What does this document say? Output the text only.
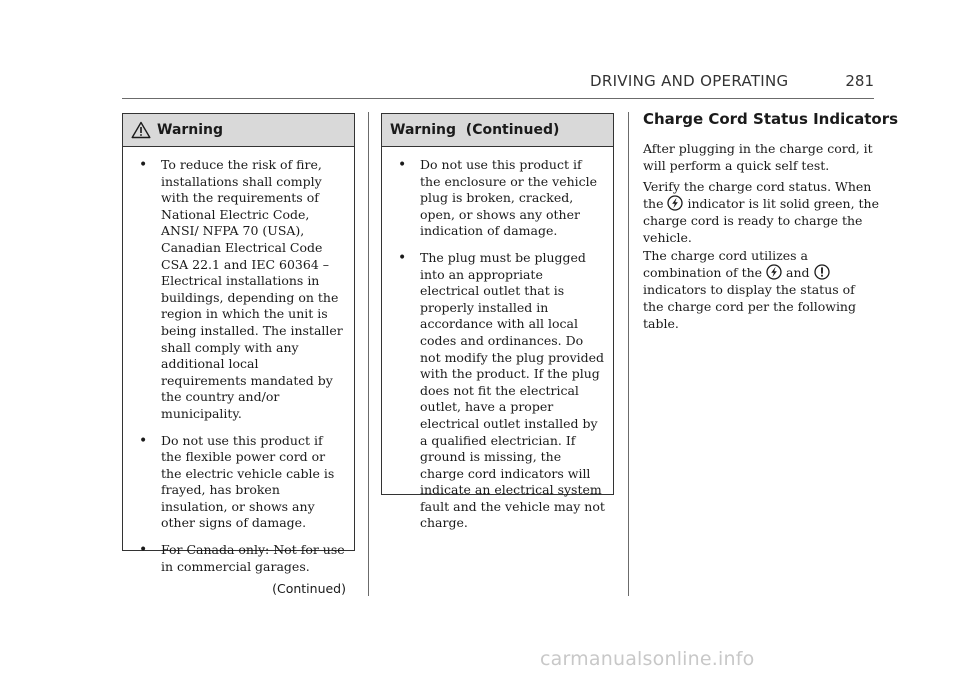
DRIVING AND OPERATING	281
Warning
• To reduce the risk of fire, installations shall comply with the requirements of National Electric Code, ANSI/ NFPA 70 (USA), Canadian Electrical Code CSA 22.1 and IEC 60364 – Electrical installations in buildings, depending on the region in which the unit is being installed. The installer shall comply with any additional local requirements mandated by the country and/or municipality.
• Do not use this product if the flexible power cord or the electric vehicle cable is frayed, has broken insulation, or shows any other signs of damage.
• For Canada only: Not for use in commercial garages.
(Continued)
Warning  (Continued)
• Do not use this product if the enclosure or the vehicle plug is broken, cracked, open, or shows any other indication of damage.
• The plug must be plugged into an appropriate electrical outlet that is properly installed in accordance with all local codes and ordinances. Do not modify the plug provided with the product. If the plug does not fit the electrical outlet, have a proper electrical outlet installed by a qualified electrician. If ground is missing, the charge cord indicators will indicate an electrical system fault and the vehicle may not charge.
Charge Cord Status Indicators
After plugging in the charge cord, it will perform a quick self test.
Verify the charge cord status. When the indicator is lit solid green, the charge cord is ready to charge the vehicle.
The charge cord utilizes a combination of the and  indicators to display the status of the charge cord per the following table.
carmanualsonline.info
